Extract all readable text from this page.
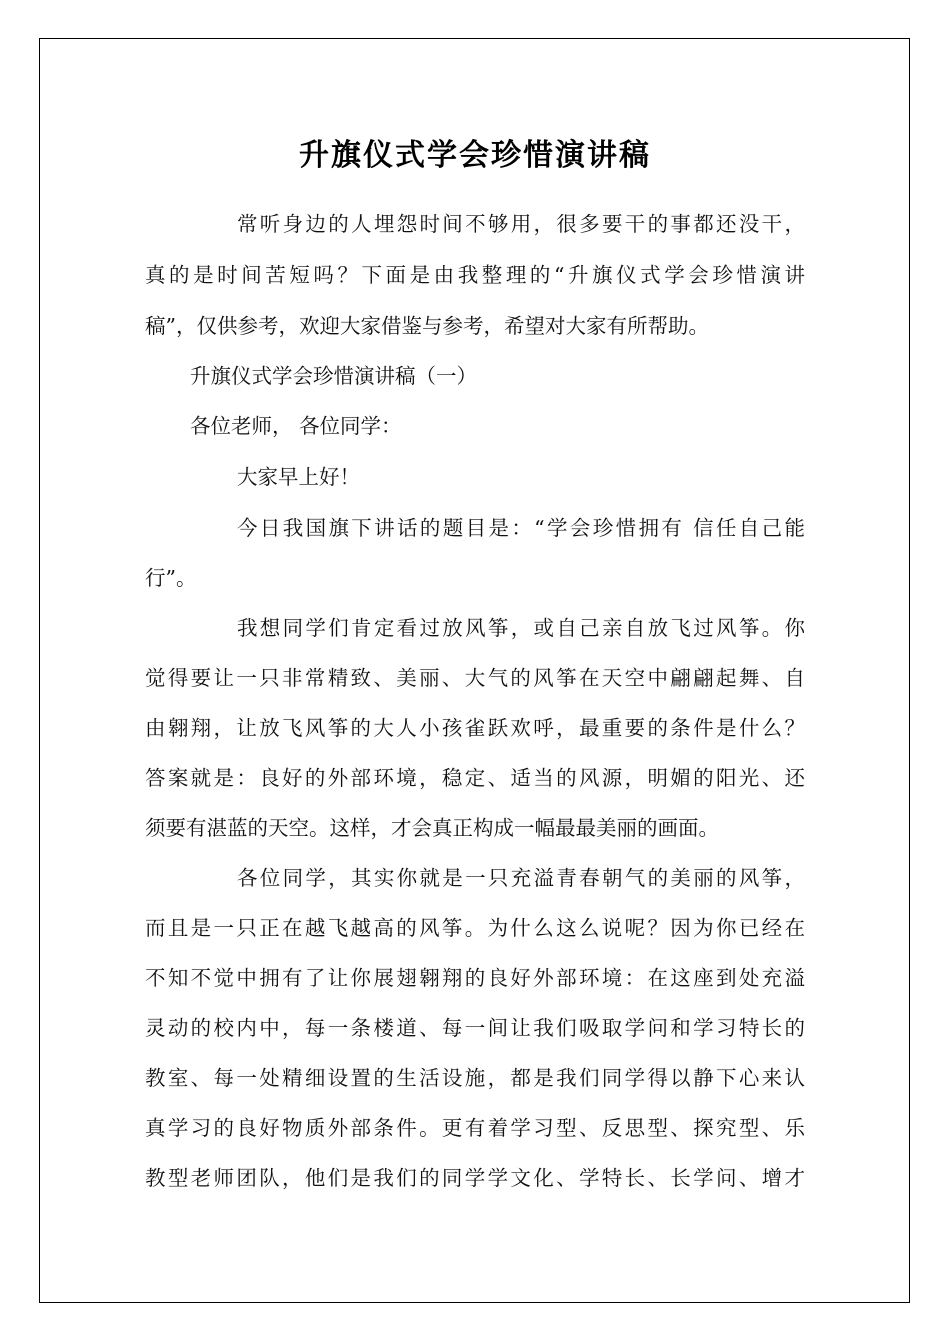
升旗仪式学会珍惜演讲稿
常听身边的人埋怨时间不够用，很多要干的事都还没干，
真的是时间苦短吗？下面是由我整理的“升旗仪式学会珍惜演讲
稿”，仅供参考，欢迎大家借鉴与参考，希望对大家有所帮助。
升旗仪式学会珍惜演讲稿（一）
各位老师， 各位同学：
大家早上好！
今日我国旗下讲话的题目是：“学会珍惜拥有 信任自己能
行”。
我想同学们肯定看过放风筝，或自己亲自放飞过风筝。你
觉得要让一只非常精致、美丽、大气的风筝在天空中翩翩起舞、自
由翱翔，让放飞风筝的大人小孩雀跃欢呼，最重要的条件是什么？
答案就是：良好的外部环境，稳定、适当的风源，明媚的阳光、还
须要有湛蓝的天空。这样，才会真正构成一幅最最美丽的画面。
各位同学，其实你就是一只充溢青春朝气的美丽的风筝，
而且是一只正在越飞越高的风筝。为什么这么说呢？因为你已经在
不知不觉中拥有了让你展翅翱翔的良好外部环境：在这座到处充溢
灵动的校内中，每一条楼道、每一间让我们吸取学问和学习特长的
教室、每一处精细设置的生活设施，都是我们同学得以静下心来认
真学习的良好物质外部条件。更有着学习型、反思型、探究型、乐
教型老师团队，他们是我们的同学学文化、学特长、长学问、增才
